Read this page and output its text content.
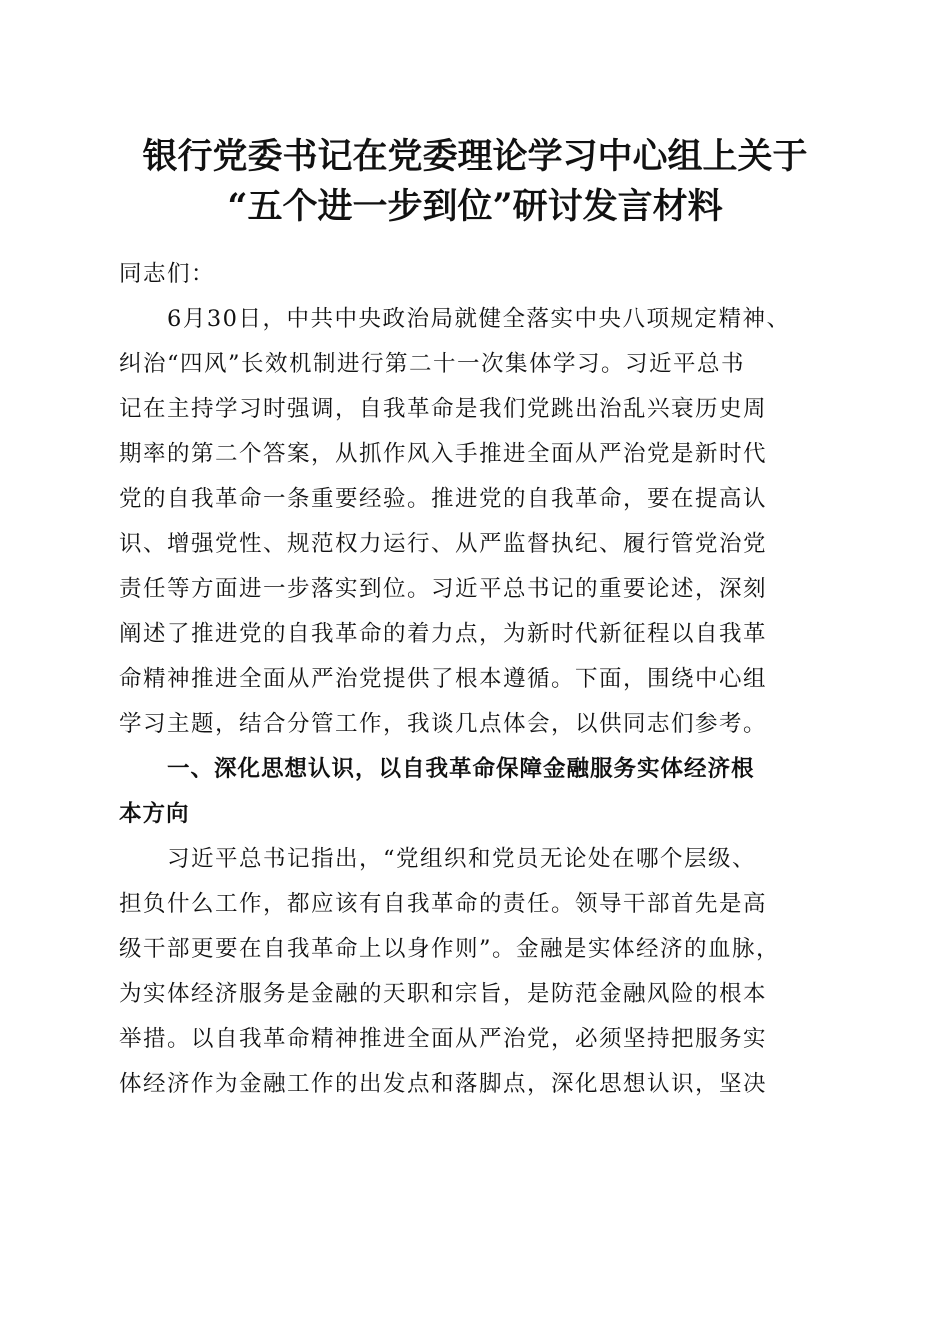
银行党委书记在党委理论学习中心组上关于
“五个进一步到位”研讨发言材料
同志们：
6月30日，中共中央政治局就健全落实中央八项规定精神、
纠治“四风”长效机制进行第二十一次集体学习。习近平总书
记在主持学习时强调，自我革命是我们党跳出治乱兴衰历史周
期率的第二个答案，从抓作风入手推进全面从严治党是新时代
党的自我革命一条重要经验。推进党的自我革命，要在提高认
识、增强党性、规范权力运行、从严监督执纪、履行管党治党
责任等方面进一步落实到位。习近平总书记的重要论述，深刻
阐述了推进党的自我革命的着力点，为新时代新征程以自我革
命精神推进全面从严治党提供了根本遵循。下面，围绕中心组
学习主题，结合分管工作，我谈几点体会，以供同志们参考。
一、深化思想认识，以自我革命保障金融服务实体经济根
本方向
习近平总书记指出，“党组织和党员无论处在哪个层级、
担负什么工作，都应该有自我革命的责任。领导干部首先是高
级干部更要在自我革命上以身作则”。金融是实体经济的血脉，
为实体经济服务是金融的天职和宗旨，是防范金融风险的根本
举措。以自我革命精神推进全面从严治党，必须坚持把服务实
体经济作为金融工作的出发点和落脚点，深化思想认识，坚决
